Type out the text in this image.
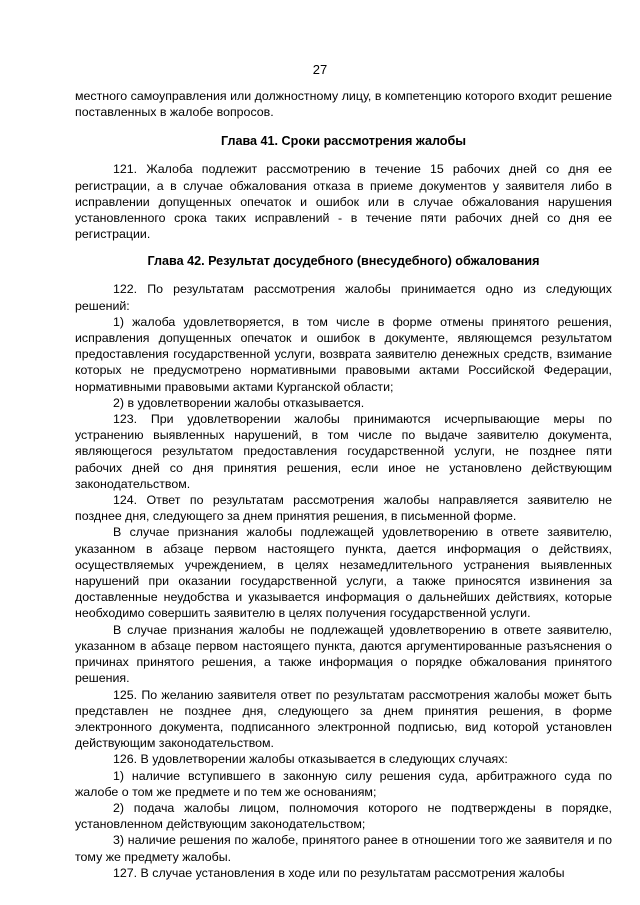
27

местного самоуправления или должностному лицу, в компетенцию которого входит решение поставленных в жалобе вопросов.

Глава 41. Сроки рассмотрения жалобы

121. Жалоба подлежит рассмотрению в течение 15 рабочих дней со дня ее регистрации, а в случае обжалования отказа в приеме документов у заявителя либо в исправлении допущенных опечаток и ошибок или в случае обжалования нарушения установленного срока таких исправлений - в течение пяти рабочих дней со дня ее регистрации.

Глава 42. Результат досудебного (внесудебного) обжалования

122. По результатам рассмотрения жалобы принимается одно из следующих решений:

1) жалоба удовлетворяется, в том числе в форме отмены принятого решения, исправления допущенных опечаток и ошибок в документе, являющемся результатом предоставления государственной услуги, возврата заявителю денежных средств, взимание которых не предусмотрено нормативными правовыми актами Российской Федерации, нормативными правовыми актами Курганской области;

2) в удовлетворении жалобы отказывается.

123. При удовлетворении жалобы принимаются исчерпывающие меры по устранению выявленных нарушений, в том числе по выдаче заявителю документа, являющегося результатом предоставления государственной услуги, не позднее пяти рабочих дней со дня принятия решения, если иное не установлено действующим законодательством.

124. Ответ по результатам рассмотрения жалобы направляется заявителю не позднее дня, следующего за днем принятия решения, в письменной форме.

В случае признания жалобы подлежащей удовлетворению в ответе заявителю, указанном в абзаце первом настоящего пункта, дается информация о действиях, осуществляемых учреждением, в целях незамедлительного устранения выявленных нарушений при оказании государственной услуги, а также приносятся извинения за доставленные неудобства и указывается информация о дальнейших действиях, которые необходимо совершить заявителю в целях получения государственной услуги.

В случае признания жалобы не подлежащей удовлетворению в ответе заявителю, указанном в абзаце первом настоящего пункта, даются аргументированные разъяснения о причинах принятого решения, а также информация о порядке обжалования принятого решения.

125. По желанию заявителя ответ по результатам рассмотрения жалобы может быть представлен не позднее дня, следующего за днем принятия решения, в форме электронного документа, подписанного электронной подписью, вид которой установлен действующим законодательством.

126. В удовлетворении жалобы отказывается в следующих случаях:

1) наличие вступившего в законную силу решения суда, арбитражного суда по жалобе о том же предмете и по тем же основаниям;

2) подача жалобы лицом, полномочия которого не подтверждены в порядке, установленном действующим законодательством;

3) наличие решения по жалобе, принятого ранее в отношении того же заявителя и по тому же предмету жалобы.

127. В случае установления в ходе или по результатам рассмотрения жалобы
